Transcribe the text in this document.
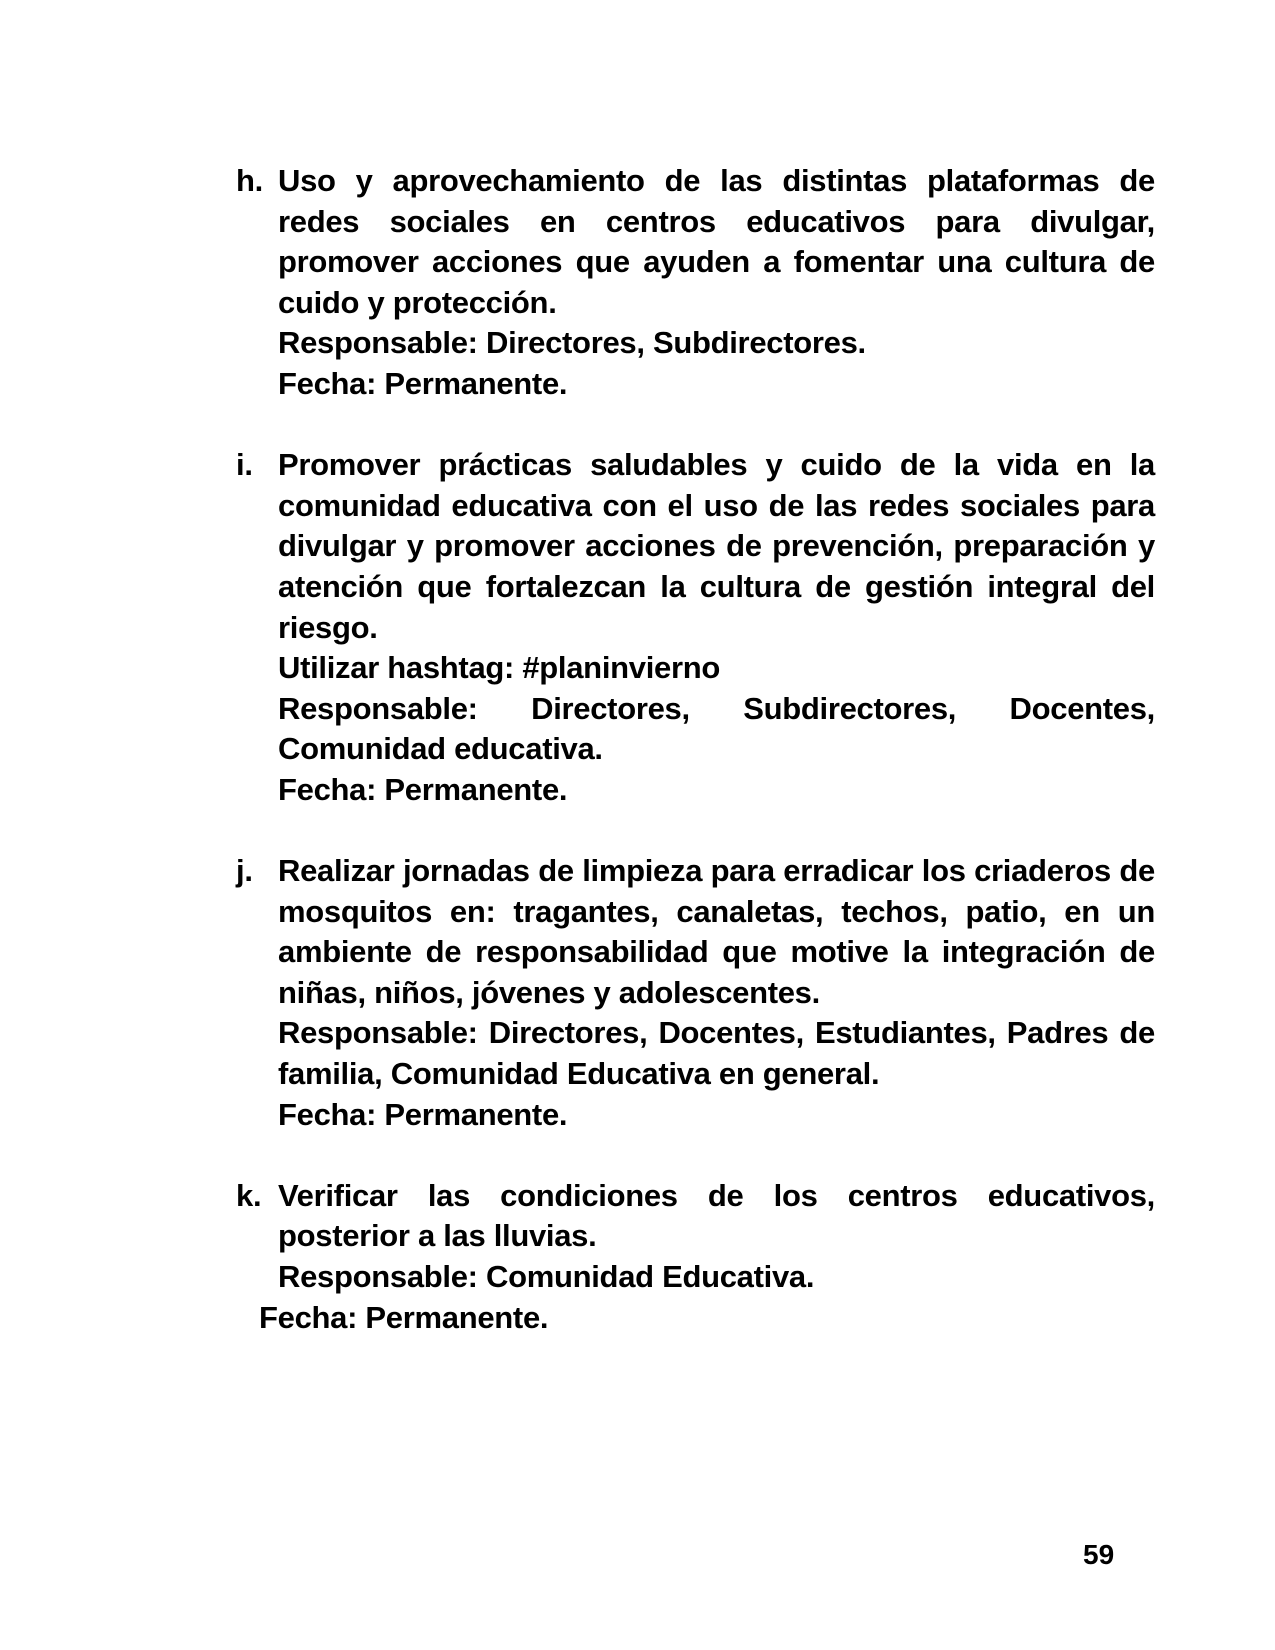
h. Uso y aprovechamiento de las distintas plataformas de redes sociales en centros educativos para divulgar, promover acciones que ayuden a fomentar una cultura de cuido y protección.

Responsable: Directores, Subdirectores.

Fecha: Permanente.

i. Promover prácticas saludables y cuido de la vida en la comunidad educativa con el uso de las redes sociales para divulgar y promover acciones de prevención, preparación y atención que fortalezcan la cultura de gestión integral del riesgo.

Utilizar hashtag: #planinvierno

Responsable: Directores, Subdirectores, Docentes, Comunidad educativa.

Fecha: Permanente.

j. Realizar jornadas de limpieza para erradicar los criaderos de mosquitos en: tragantes, canaletas, techos, patio, en un ambiente de responsabilidad que motive la integración de niñas, niños, jóvenes y adolescentes.

Responsable: Directores, Docentes, Estudiantes, Padres de familia, Comunidad Educativa en general.

Fecha: Permanente.

k. Verificar las condiciones de los centros educativos, posterior a las lluvias.

Responsable: Comunidad Educativa.

Fecha: Permanente.

59
